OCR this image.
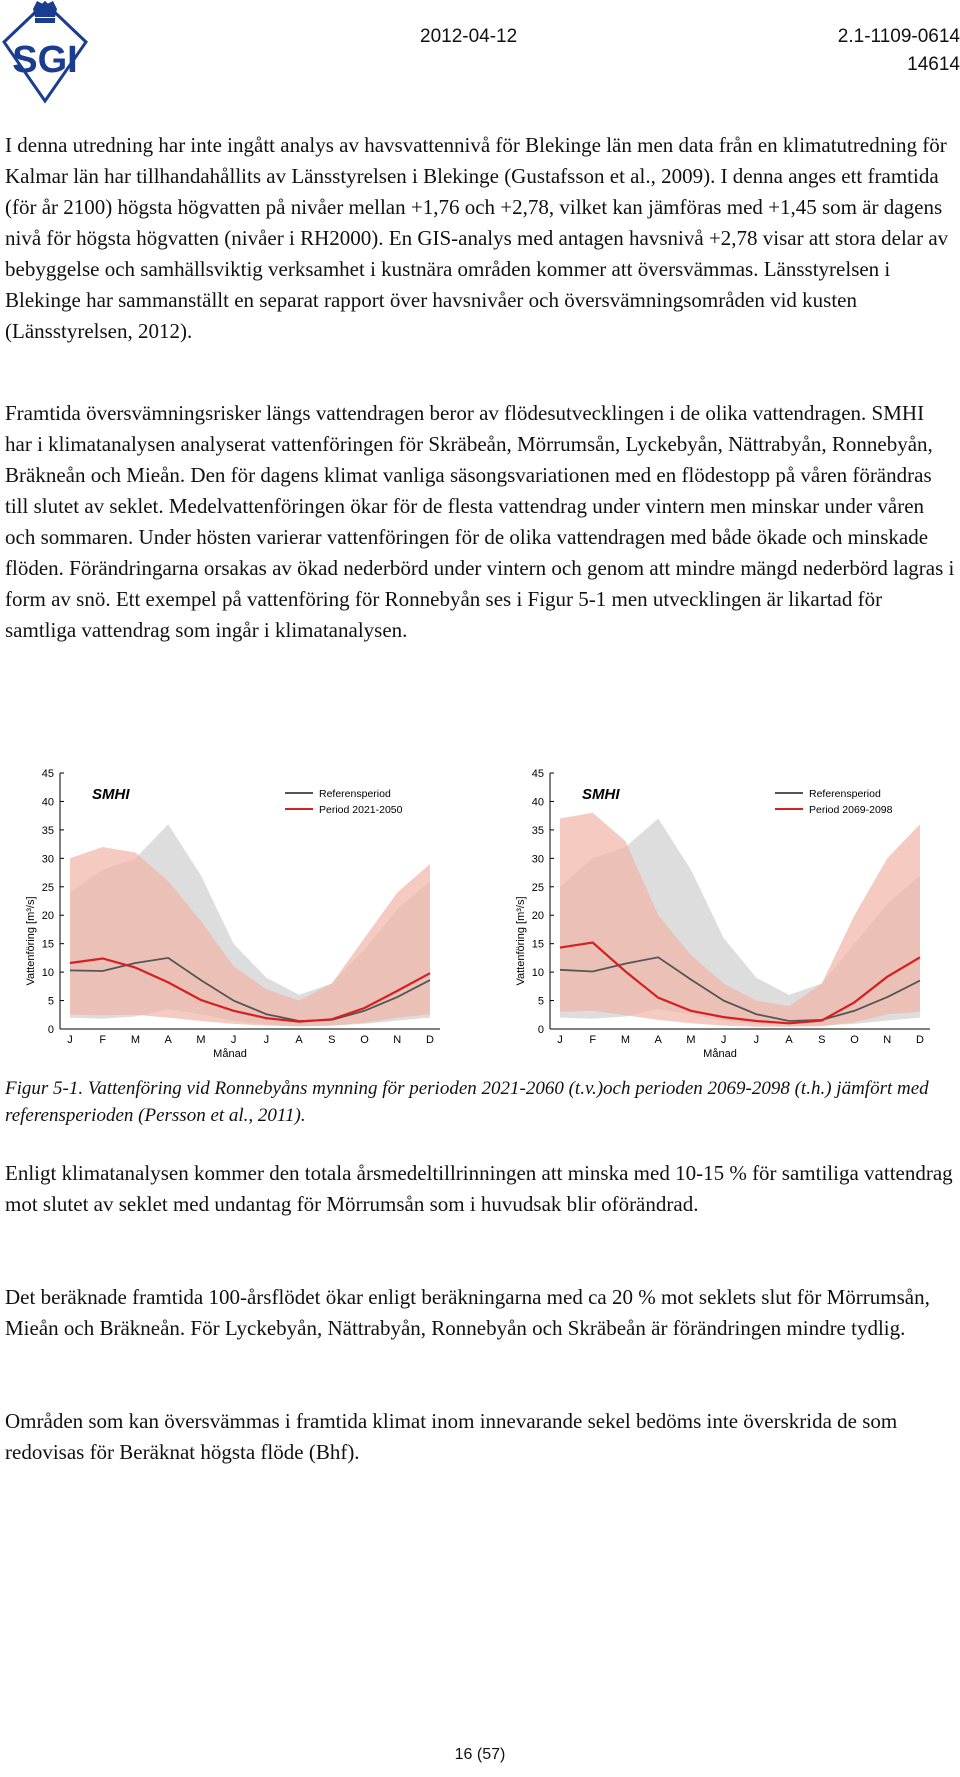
SGI
2012-04-12	2.1-1109-0614
14614

I denna utredning har inte ingått analys av havsvattennivå för Blekinge län men data från en klimatutredning för Kalmar län har tillhandahållits av Länsstyrelsen i Blekinge (Gustafsson et al., 2009). I denna anges ett framtida (för år 2100) högsta högvatten på nivåer mellan +1,76 och +2,78, vilket kan jämföras med +1,45 som är dagens nivå för högsta högvatten (nivåer i RH2000). En GIS-analys med antagen havsnivå +2,78 visar att stora delar av bebyggelse och samhällsviktig verksamhet i kustnära områden kommer att översvämmas. Länsstyrelsen i Blekinge har sammanställt en separat rapport över havsnivåer och översvämningsområden vid kusten (Länsstyrelsen, 2012).

Framtida översvämningsrisker längs vattendragen beror av flödesutvecklingen i de olika vattendragen. SMHI har i klimatanalysen analyserat vattenföringen för Skräbeån, Mörrumsån, Lyckebyån, Nättrabyån, Ronnebyån, Bräkneån och Mieån. Den för dagens klimat vanliga säsongsvariationen med en flödestopp på våren förändras till slutet av seklet. Medelvattenföringen ökar för de flesta vattendrag under vintern men minskar under våren och sommaren. Under hösten varierar vattenföringen för de olika vattendragen med både ökade och minskade flöden. Förändringarna orsakas av ökad nederbörd under vintern och genom att mindre mängd nederbörd lagras i form av snö. Ett exempel på vattenföring för Ronnebyån ses i Figur 5-1 men utvecklingen är likartad för samtliga vattendrag som ingår i klimatanalysen.

0
5
10
15
20
25
30
35
40
45
J F M A M J J A S O N D
Månad
Vattenföring [m³/s]
SMHI	Referensperiod
Period 2021-2050
0
5
10
15
20
25
30
35
40
45
J F M A M J J A S O N D
Månad
Vattenföring [m³/s]
SMHI	Referensperiod
Period 2069-2098

Figur 5-1. Vattenföring vid Ronnebyåns mynning för perioden 2021-2060 (t.v.)och perioden 2069-2098 (t.h.) jämfört med referensperioden (Persson et al., 2011).

Enligt klimatanalysen kommer den totala årsmedeltillrinningen att minska med 10-15 % för samtiliga vattendrag mot slutet av seklet med undantag för Mörrumsån som i huvudsak blir oförändrad.

Det beräknade framtida 100-årsflödet ökar enligt beräkningarna med ca 20 % mot seklets slut för Mörrumsån, Mieån och Bräkneån. För Lyckebyån, Nättrabyån, Ronnebyån och Skräbeån är förändringen mindre tydlig.

Områden som kan översvämmas i framtida klimat inom innevarande sekel bedöms inte överskrida de som redovisas för Beräknat högsta flöde (Bhf).

16 (57)
